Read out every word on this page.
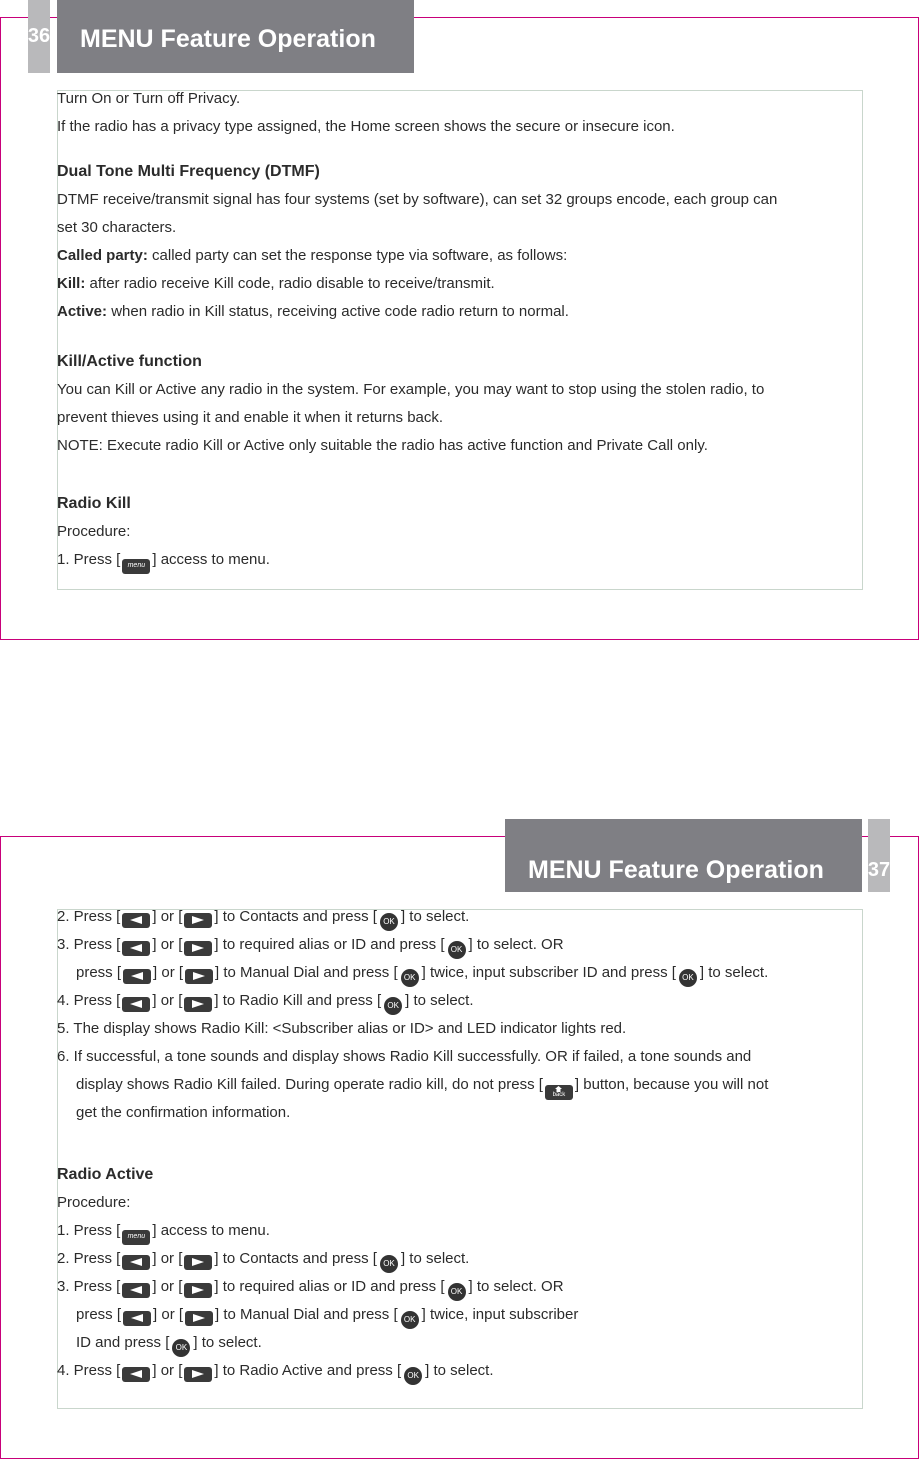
36	MENU Feature Operation
Turn On or Turn off Privacy.
If the radio has a privacy type assigned, the Home screen shows the secure or insecure icon.
Dual Tone Multi Frequency (DTMF)
DTMF receive/transmit signal has four systems (set by software), can set 32 groups encode, each group can
set 30 characters.
Called party: called party can set the response type via software, as follows:
Kill: after radio receive Kill code, radio disable to receive/transmit.
Active: when radio in Kill status, receiving active code radio return to normal.
Kill/Active function
You can Kill or Active any radio in the system. For example, you may want to stop using the stolen radio, to
prevent thieves using it and enable it when it returns back.
NOTE: Execute radio Kill or Active only suitable the radio has active function and Private Call only.
Radio Kill
Procedure:
1. Press [ menu ] access to menu.
MENU Feature Operation	37
2. Press [ ] or [ ] to Contacts and press [ OK ] to select.
3. Press [ ] or [ ] to required alias or ID and press [ OK ] to select. OR
press [ ] or [ ] to Manual Dial and press [ OK ] twice, input subscriber ID and press [ OK ] to select.
4. Press [ ] or [ ] to Radio Kill and press [ OK ] to select.
5. The display shows Radio Kill: <Subscriber alias or ID> and LED indicator lights red.
6. If successful, a tone sounds and display shows Radio Kill successfully. OR if failed, a tone sounds and
display shows Radio Kill failed. During operate radio kill, do not press [
back
] button, because you will not
get the confirmation information.
Radio Active
Procedure:
1. Press [ menu ] access to menu.
2. Press [ ] or [ ] to Contacts and press [ OK ] to select.
3. Press [ ] or [ ] to required alias or ID and press [ OK ] to select. OR
press [ ] or [ ] to Manual Dial and press [ OK ] twice, input subscriber
ID and press [ OK ] to select.
4. Press [ ] or [ ] to Radio Active and press [ OK ] to select.
